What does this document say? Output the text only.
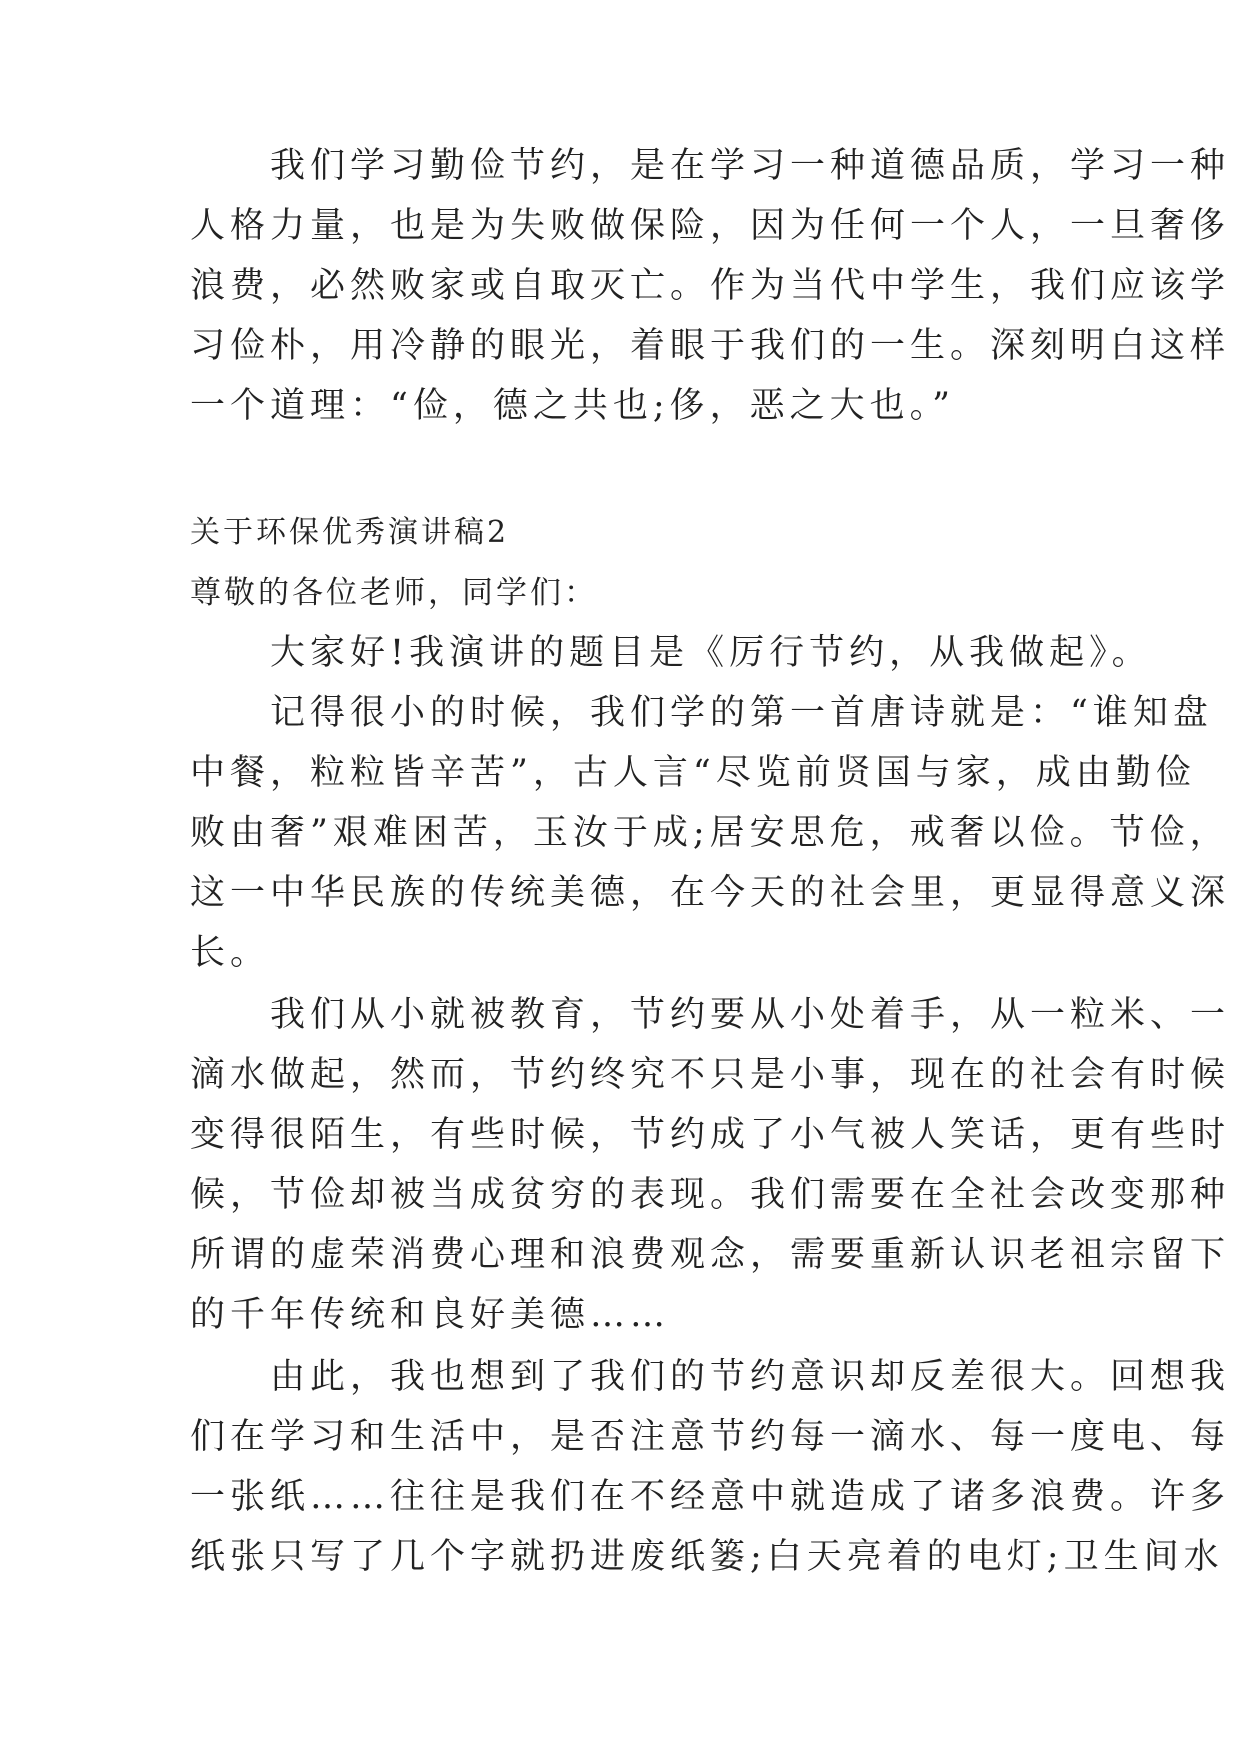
　　我们学习勤俭节约，是在学习一种道德品质，学习一种
人格力量，也是为失败做保险，因为任何一个人，一旦奢侈
浪费，必然败家或自取灭亡。作为当代中学生，我们应该学
习俭朴，用冷静的眼光，着眼于我们的一生。深刻明白这样
一个道理：“俭，德之共也;侈，恶之大也。”
关于环保优秀演讲稿2
尊敬的各位老师，同学们：
　　大家好!我演讲的题目是《厉行节约，从我做起》。
　　记得很小的时候，我们学的第一首唐诗就是：“谁知盘
中餐，粒粒皆辛苦”，古人言“尽览前贤国与家，成由勤俭
败由奢”艰难困苦，玉汝于成;居安思危，戒奢以俭。节俭，
这一中华民族的传统美德，在今天的社会里，更显得意义深
长。
　　我们从小就被教育，节约要从小处着手，从一粒米、一
滴水做起，然而，节约终究不只是小事，现在的社会有时候
变得很陌生，有些时候，节约成了小气被人笑话，更有些时
候，节俭却被当成贫穷的表现。我们需要在全社会改变那种
所谓的虚荣消费心理和浪费观念，需要重新认识老祖宗留下
的千年传统和良好美德……
　　由此，我也想到了我们的节约意识却反差很大。回想我
们在学习和生活中，是否注意节约每一滴水、每一度电、每
一张纸……往往是我们在不经意中就造成了诸多浪费。许多
纸张只写了几个字就扔进废纸篓;白天亮着的电灯;卫生间水
